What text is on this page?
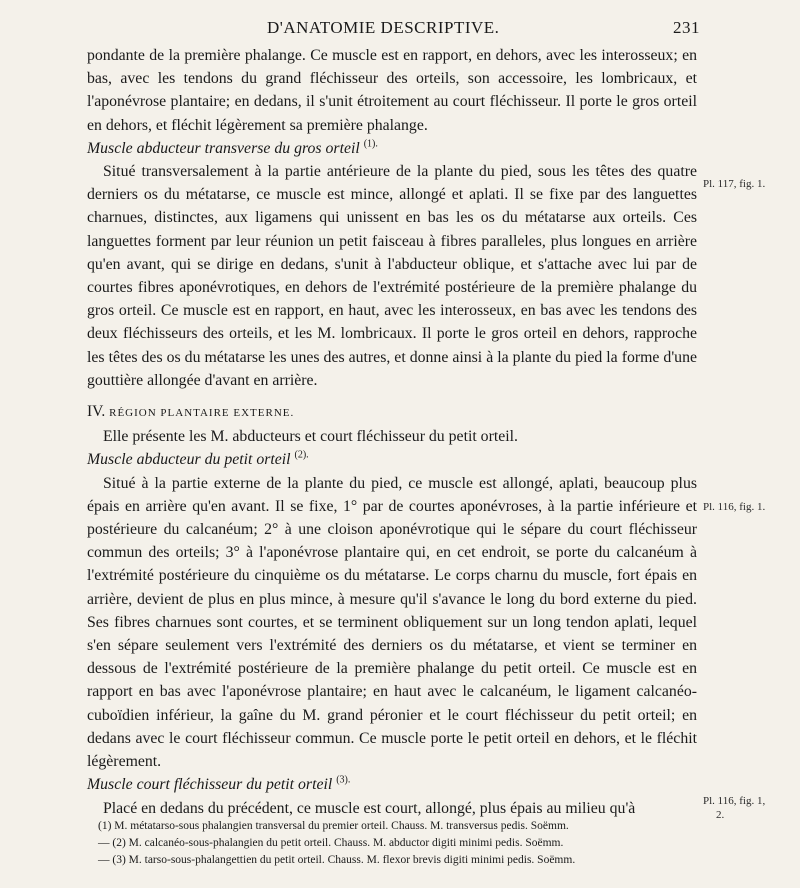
D'ANATOMIE DESCRIPTIVE.	231

pondante de la première phalange. Ce muscle est en rapport, en dehors, avec les interosseux; en bas, avec les tendons du grand fléchisseur des orteils, son accessoire, les lombricaux, et l'aponévrose plantaire; en dedans, il s'unit étroitement au court fléchisseur. Il porte le gros orteil en dehors, et fléchit légèrement sa première phalange.

Muscle abducteur transverse du gros orteil $^{(1).}$

Situé transversalement à la partie antérieure de la plante du pied, sous les têtes des quatre derniers os du métatarse, ce muscle est mince, allongé et aplati. Il se fixe par des languettes charnues, distinctes, aux ligamens qui unissent en bas les os du métatarse aux orteils. Ces languettes forment par leur réunion un petit faisceau à fibres paralleles, plus longues en arrière qu'en avant, qui se dirige en dedans, s'unit à l'abducteur oblique, et s'attache avec lui par de courtes fibres aponévrotiques, en dehors de l'extrémité postérieure de la première phalange du gros orteil. Ce muscle est en rapport, en haut, avec les interosseux, en bas avec les tendons des deux fléchisseurs des orteils, et les M. lombricaux. Il porte le gros orteil en dehors, rapproche les têtes des os du métatarse les unes des autres, et donne ainsi à la plante du pied la forme d'une gouttière allongée d'avant en arrière.

IV. RÉGION PLANTAIRE EXTERNE.

Elle présente les M. abducteurs et court fléchisseur du petit orteil.

Muscle abducteur du petit orteil $^{(2).}$

Situé à la partie externe de la plante du pied, ce muscle est allongé, aplati, beaucoup plus épais en arrière qu'en avant. Il se fixe, 1° par de courtes aponévroses, à la partie inférieure et postérieure du calcanéum; 2° à une cloison aponévrotique qui le sépare du court fléchisseur commun des orteils; 3° à l'aponévrose plantaire qui, en cet endroit, se porte du calcanéum à l'extrémité postérieure du cinquième os du métatarse. Le corps charnu du muscle, fort épais en arrière, devient de plus en plus mince, à mesure qu'il s'avance le long du bord externe du pied. Ses fibres charnues sont courtes, et se terminent obliquement sur un long tendon aplati, lequel s'en sépare seulement vers l'extrémité des derniers os du métatarse, et vient se terminer en dessous de l'extrémité postérieure de la première phalange du petit orteil. Ce muscle est en rapport en bas avec l'aponévrose plantaire; en haut avec le calcanéum, le ligament calcanéo-cuboïdien inférieur, la gaîne du M. grand péronier et le court fléchisseur du petit orteil; en dedans avec le court fléchisseur commun. Ce muscle porte le petit orteil en dehors, et le fléchit légèrement.

Muscle court fléchisseur du petit orteil $^{(3).}$

Placé en dedans du précédent, ce muscle est court, allongé, plus épais au milieu qu'à

Pl. 117, fig. 1.
Pl. 116, fig. 1.
Pl. 116, fig. 1,
2.
(1) M. métatarso-sous phalangien transversal du premier orteil. Chauss. M. transversus pedis. Soëmm.
— (2) M. calcanéo-sous-phalangien du petit orteil. Chauss. M. abductor digiti minimi pedis. Soëmm.
— (3) M. tarso-sous-phalangettien du petit orteil. Chauss. M. flexor brevis digiti minimi pedis. Soëmm.
